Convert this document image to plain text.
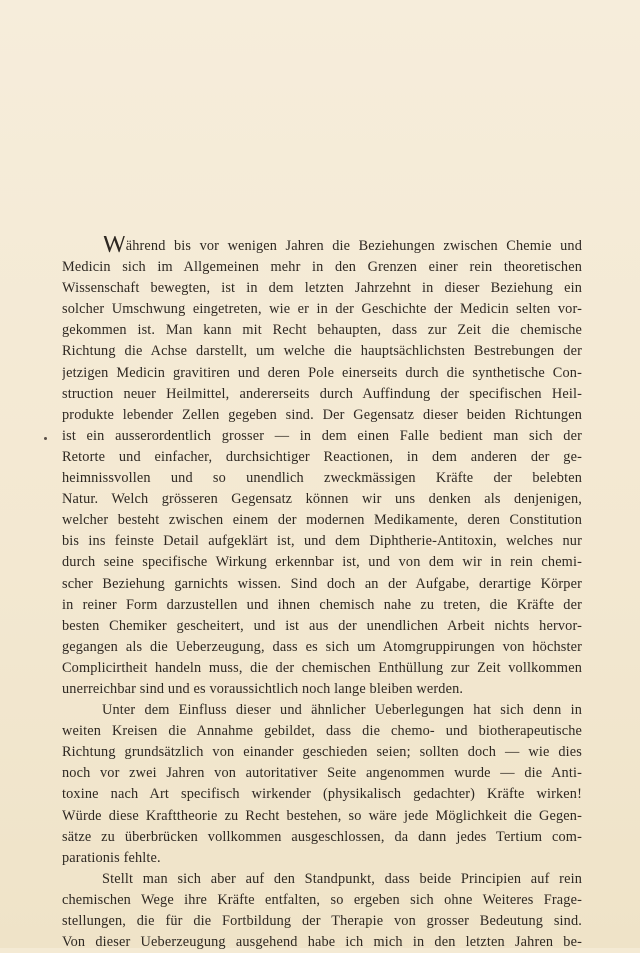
Während bis vor wenigen Jahren die Beziehungen zwischen Chemie und
Medicin sich im Allgemeinen mehr in den Grenzen einer rein theoretischen
Wissenschaft bewegten, ist in dem letzten Jahrzehnt in dieser Beziehung ein
solcher Umschwung eingetreten, wie er in der Geschichte der Medicin selten vor-
gekommen ist. Man kann mit Recht behaupten, dass zur Zeit die chemische
Richtung die Achse darstellt, um welche die hauptsächlichsten Bestrebungen der
jetzigen Medicin gravitiren und deren Pole einerseits durch die synthetische Con-
struction neuer Heilmittel, andererseits durch Auffindung der specifischen Heil-
produkte lebender Zellen gegeben sind. Der Gegensatz dieser beiden Richtungen
ist ein ausserordentlich grosser — in dem einen Falle bedient man sich der
Retorte und einfacher, durchsichtiger Reactionen, in dem anderen der ge-
heimnissvollen und so unendlich zweckmässigen Kräfte der belebten
Natur. Welch grösseren Gegensatz können wir uns denken als denjenigen,
welcher besteht zwischen einem der modernen Medikamente, deren Constitution
bis ins feinste Detail aufgeklärt ist, und dem Diphtherie-Antitoxin, welches nur
durch seine specifische Wirkung erkennbar ist, und von dem wir in rein chemi-
scher Beziehung garnichts wissen. Sind doch an der Aufgabe, derartige Körper
in reiner Form darzustellen und ihnen chemisch nahe zu treten, die Kräfte der
besten Chemiker gescheitert, und ist aus der unendlichen Arbeit nichts hervor-
gegangen als die Ueberzeugung, dass es sich um Atomgruppirungen von höchster
Complicirtheit handeln muss, die der chemischen Enthüllung zur Zeit vollkommen
unerreichbar sind und es voraussichtlich noch lange bleiben werden.
Unter dem Einfluss dieser und ähnlicher Ueberlegungen hat sich denn in
weiten Kreisen die Annahme gebildet, dass die chemo- und biotherapeutische
Richtung grundsätzlich von einander geschieden seien; sollten doch — wie dies
noch vor zwei Jahren von autoritativer Seite angenommen wurde — die Anti-
toxine nach Art specifisch wirkender (physikalisch gedachter) Kräfte wirken!
Würde diese Krafttheorie zu Recht bestehen, so wäre jede Möglichkeit die Gegen-
sätze zu überbrücken vollkommen ausgeschlossen, da dann jedes Tertium com-
parationis fehlte.
Stellt man sich aber auf den Standpunkt, dass beide Principien auf rein
chemischen Wege ihre Kräfte entfalten, so ergeben sich ohne Weiteres Frage-
stellungen, die für die Fortbildung der Therapie von grosser Bedeutung sind.
Von dieser Ueberzeugung ausgehend habe ich mich in den letzten Jahren be-
